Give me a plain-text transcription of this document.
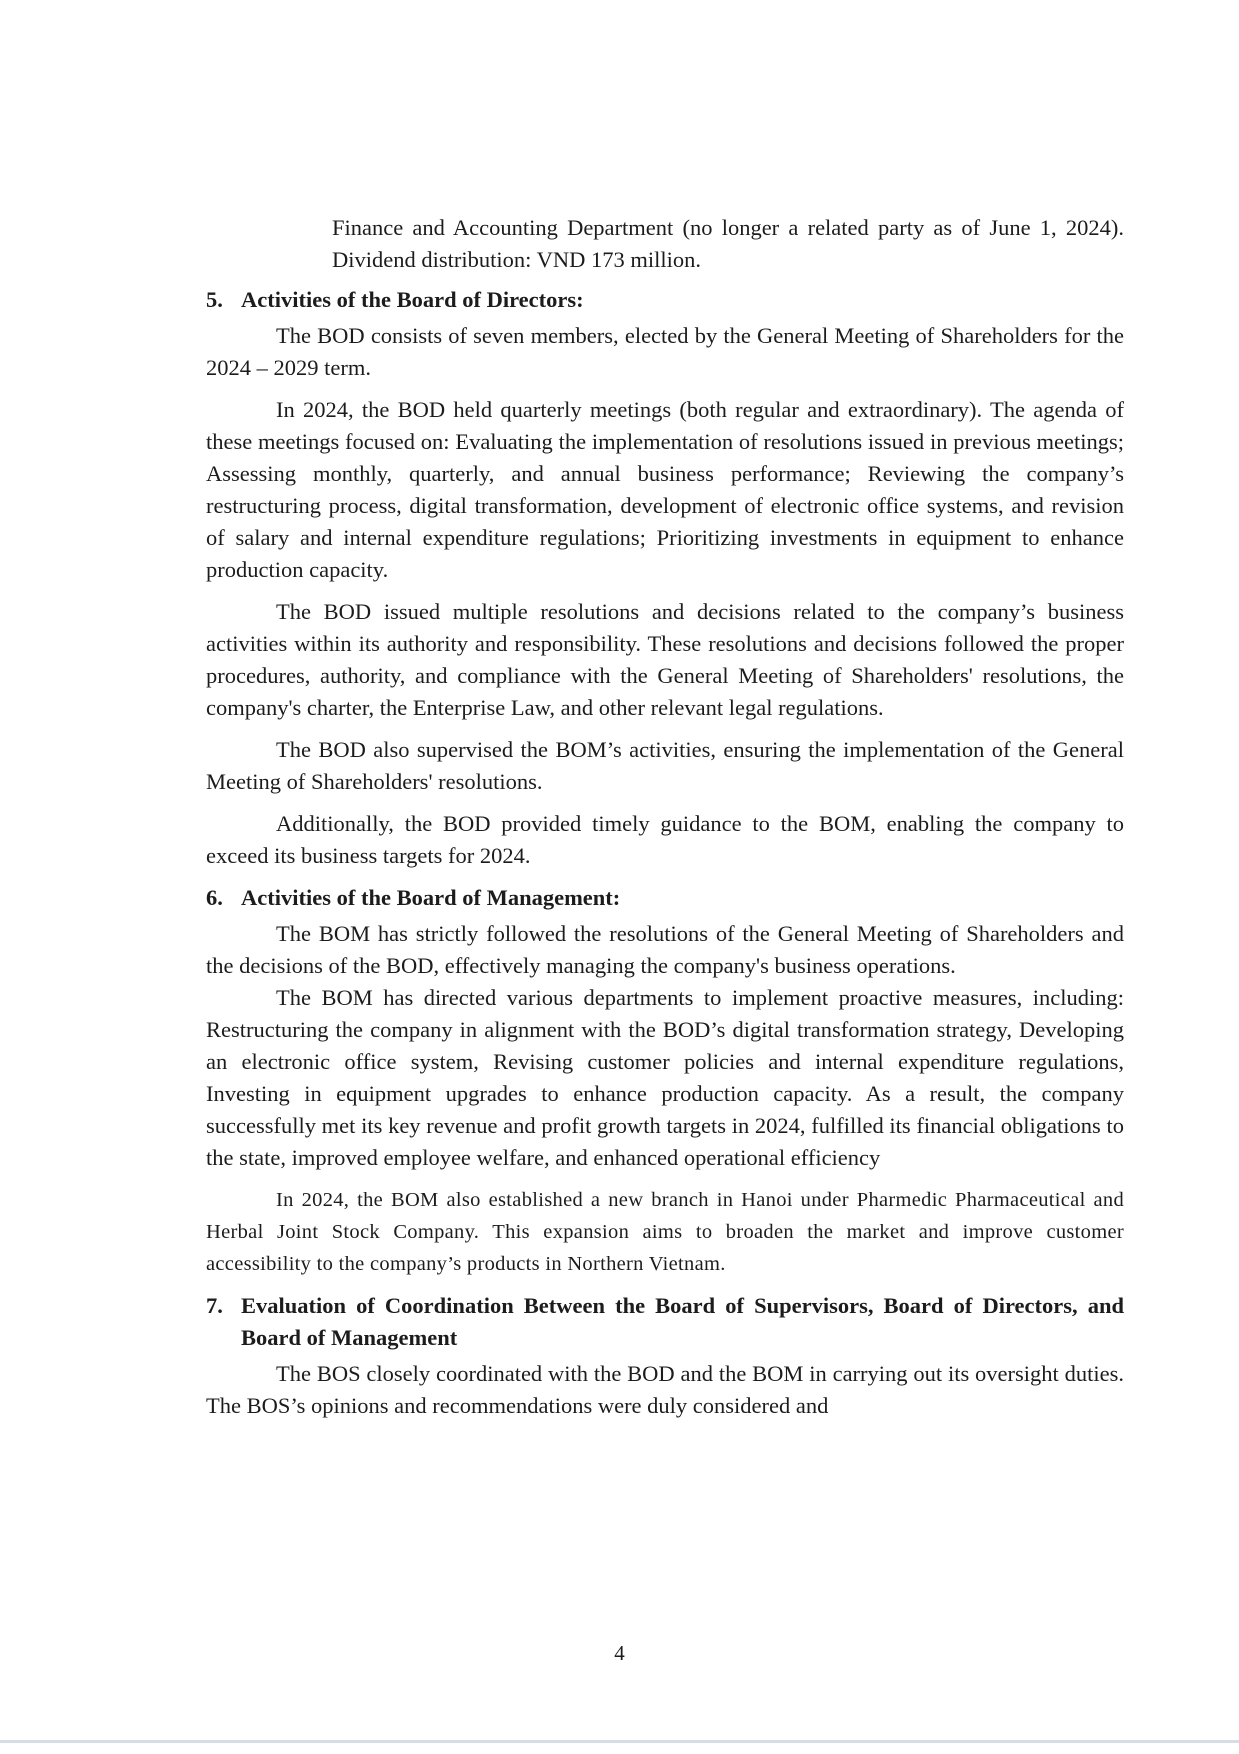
Finance and Accounting Department (no longer a related party as of June 1, 2024). Dividend distribution: VND 173 million.

5. Activities of the Board of Directors:

The BOD consists of seven members, elected by the General Meeting of Shareholders for the 2024 – 2029 term.

In 2024, the BOD held quarterly meetings (both regular and extraordinary). The agenda of these meetings focused on: Evaluating the implementation of resolutions issued in previous meetings; Assessing monthly, quarterly, and annual business performance; Reviewing the company’s restructuring process, digital transformation, development of electronic office systems, and revision of salary and internal expenditure regulations; Prioritizing investments in equipment to enhance production capacity.

The BOD issued multiple resolutions and decisions related to the company’s business activities within its authority and responsibility. These resolutions and decisions followed the proper procedures, authority, and compliance with the General Meeting of Shareholders' resolutions, the company's charter, the Enterprise Law, and other relevant legal regulations.

The BOD also supervised the BOM’s activities, ensuring the implementation of the General Meeting of Shareholders' resolutions.

Additionally, the BOD provided timely guidance to the BOM, enabling the company to exceed its business targets for 2024.

6. Activities of the Board of Management:

The BOM has strictly followed the resolutions of the General Meeting of Shareholders and the decisions of the BOD, effectively managing the company's business operations.

The BOM has directed various departments to implement proactive measures, including: Restructuring the company in alignment with the BOD’s digital transformation strategy, Developing an electronic office system, Revising customer policies and internal expenditure regulations, Investing in equipment upgrades to enhance production capacity. As a result, the company successfully met its key revenue and profit growth targets in 2024, fulfilled its financial obligations to the state, improved employee welfare, and enhanced operational efficiency

In 2024, the BOM also established a new branch in Hanoi under Pharmedic Pharmaceutical and Herbal Joint Stock Company. This expansion aims to broaden the market and improve customer accessibility to the company’s products in Northern Vietnam.

7. Evaluation of Coordination Between the Board of Supervisors, Board of Directors, and Board of Management

The BOS closely coordinated with the BOD and the BOM in carrying out its oversight duties. The BOS’s opinions and recommendations were duly considered and

4
